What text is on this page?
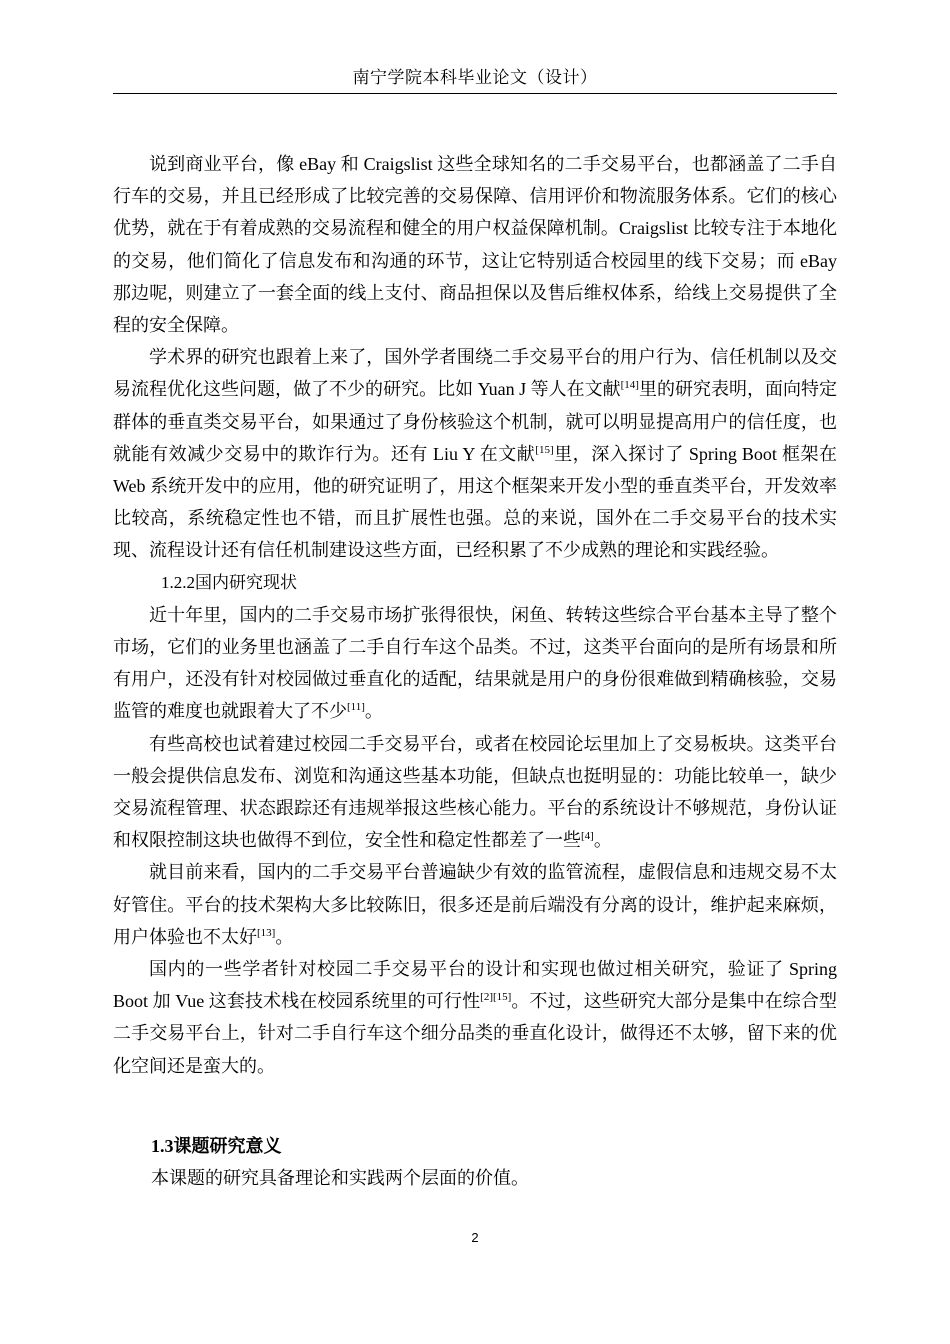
南宁学院本科毕业论文（设计）

说到商业平台，像 eBay 和 Craigslist 这些全球知名的二手交易平台，也都涵盖了二手自行车的交易，并且已经形成了比较完善的交易保障、信用评价和物流服务体系。它们的核心优势，就在于有着成熟的交易流程和健全的用户权益保障机制。Craigslist 比较专注于本地化的交易，他们简化了信息发布和沟通的环节，这让它特别适合校园里的线下交易；而 eBay 那边呢，则建立了一套全面的线上支付、商品担保以及售后维权体系，给线上交易提供了全程的安全保障。

学术界的研究也跟着上来了，国外学者围绕二手交易平台的用户行为、信任机制以及交易流程优化这些问题，做了不少的研究。比如 Yuan J 等人在文献[14]里的研究表明，面向特定群体的垂直类交易平台，如果通过了身份核验这个机制，就可以明显提高用户的信任度，也就能有效减少交易中的欺诈行为。还有 Liu Y 在文献[15]里，深入探讨了 Spring Boot 框架在 Web 系统开发中的应用，他的研究证明了，用这个框架来开发小型的垂直类平台，开发效率比较高，系统稳定性也不错，而且扩展性也强。总的来说，国外在二手交易平台的技术实现、流程设计还有信任机制建设这些方面，已经积累了不少成熟的理论和实践经验。

1.2.2国内研究现状

近十年里，国内的二手交易市场扩张得很快，闲鱼、转转这些综合平台基本主导了整个市场，它们的业务里也涵盖了二手自行车这个品类。不过，这类平台面向的是所有场景和所有用户，还没有针对校园做过垂直化的适配，结果就是用户的身份很难做到精确核验，交易监管的难度也就跟着大了不少[11]。

有些高校也试着建过校园二手交易平台，或者在校园论坛里加上了交易板块。这类平台一般会提供信息发布、浏览和沟通这些基本功能，但缺点也挺明显的：功能比较单一，缺少交易流程管理、状态跟踪还有违规举报这些核心能力。平台的系统设计不够规范，身份认证和权限控制这块也做得不到位，安全性和稳定性都差了一些[4]。

就目前来看，国内的二手交易平台普遍缺少有效的监管流程，虚假信息和违规交易不太好管住。平台的技术架构大多比较陈旧，很多还是前后端没有分离的设计，维护起来麻烦，用户体验也不太好[13]。

国内的一些学者针对校园二手交易平台的设计和实现也做过相关研究，验证了 Spring Boot 加 Vue 这套技术栈在校园系统里的可行性[2][15]。不过，这些研究大部分是集中在综合型二手交易平台上，针对二手自行车这个细分品类的垂直化设计，做得还不太够，留下来的优化空间还是蛮大的。

1.3课题研究意义

本课题的研究具备理论和实践两个层面的价值。

2
